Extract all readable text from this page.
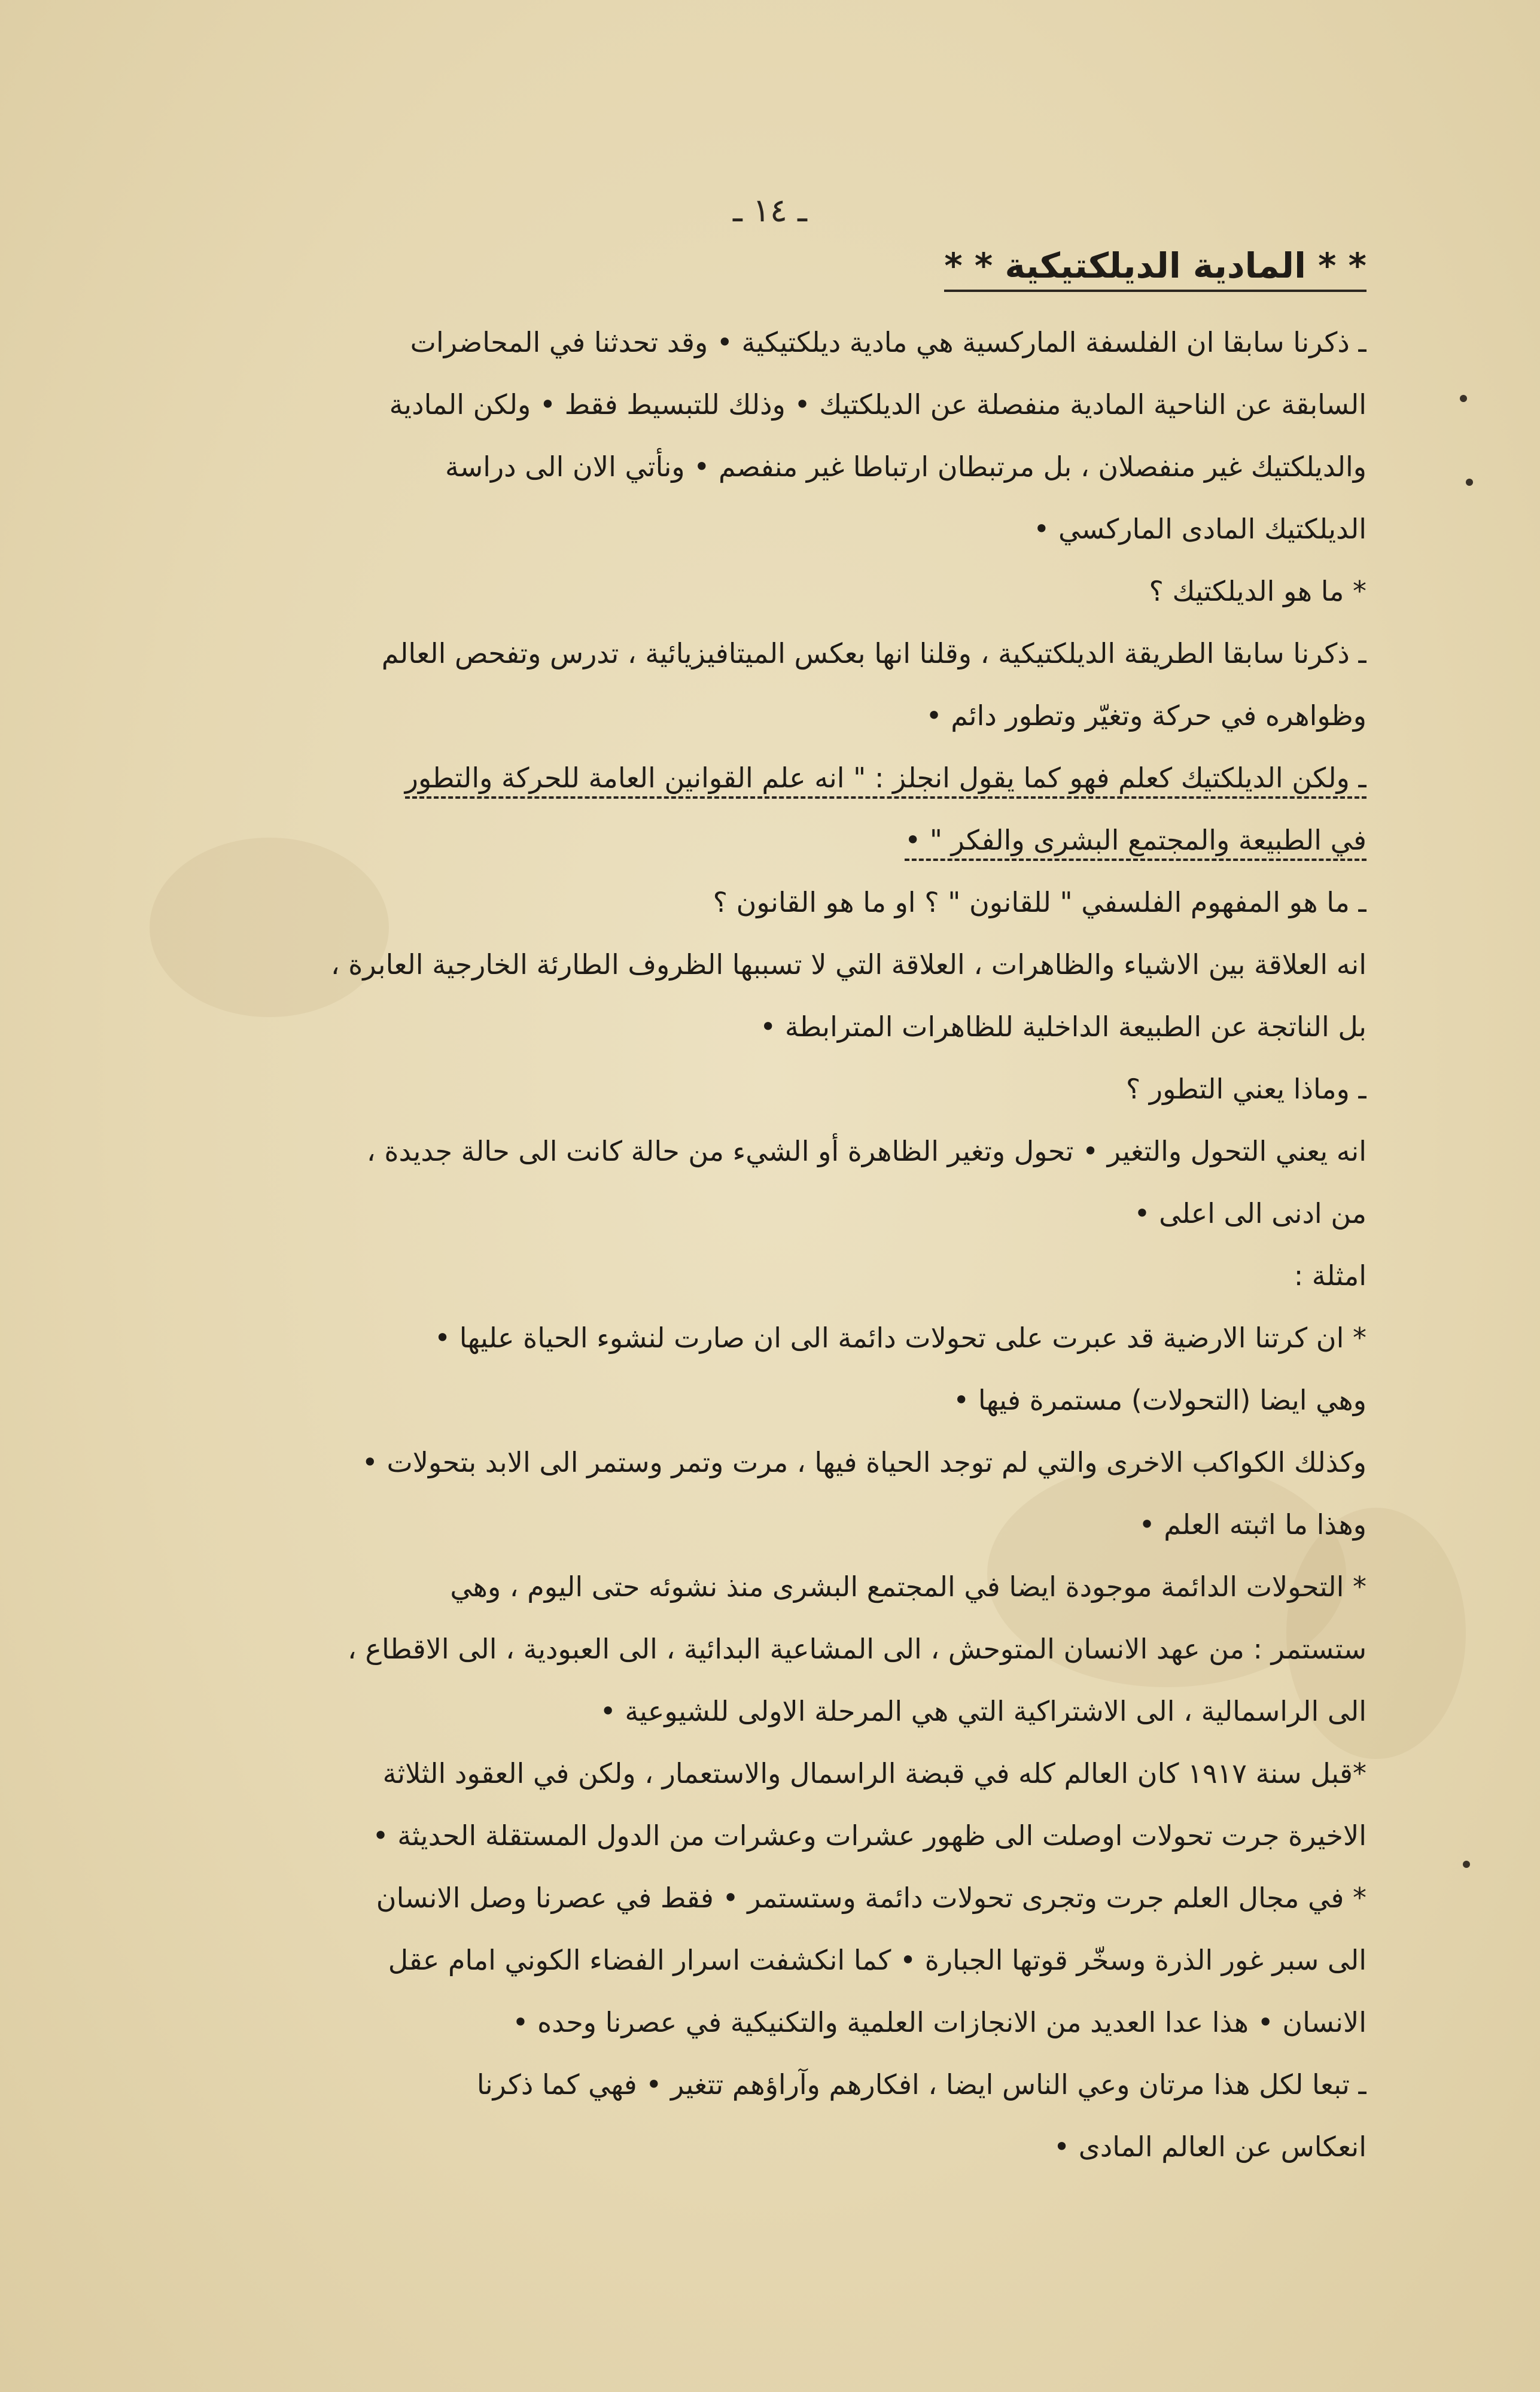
ـ ١٤ ـ
* * المادية الديلكتيكية * *
ـ ذكرنا سابقا ان الفلسفة الماركسية هي مادية ديلكتيكية • وقد تحدثنا في المحاضرات
السابقة عن الناحية المادية منفصلة عن الديلكتيك • وذلك للتبسيط فقط • ولكن المادية
والديلكتيك غير منفصلان ، بل مرتبطان ارتباطا غير منفصم • ونأتي الان الى دراسة
الديلكتيك المادى الماركسي •
* ما هو الديلكتيك ؟
ـ ذكرنا سابقا الطريقة الديلكتيكية ، وقلنا انها بعكس الميتافيزيائية ، تدرس وتفحص العالم
وظواهره في حركة وتغيّر وتطور دائم •
ـ ولكن الديلكتيك كعلم فهو كما يقول انجلز : " انه علم القوانين العامة للحركة والتطور
في الطبيعة والمجتمع البشرى والفكر " •
ـ ما هو المفهوم الفلسفي " للقانون " ؟ او ما هو القانون ؟
انه العلاقة بين الاشياء والظاهرات ، العلاقة التي لا تسببها الظروف الطارئة الخارجية العابرة ،
بل الناتجة عن الطبيعة الداخلية للظاهرات المترابطة •
ـ وماذا يعني التطور ؟
انه يعني التحول والتغير • تحول وتغير الظاهرة أو الشيء من حالة كانت الى حالة جديدة ،
من ادنى الى اعلى •
امثلة :
* ان كرتنا الارضية قد عبرت على تحولات دائمة الى ان صارت لنشوء الحياة عليها •
وهي ايضا (التحولات) مستمرة فيها •
وكذلك الكواكب الاخرى والتي لم توجد الحياة فيها ، مرت وتمر وستمر الى الابد بتحولات •
وهذا ما اثبته العلم •
* التحولات الدائمة موجودة ايضا في المجتمع البشرى منذ نشوئه حتى اليوم ، وهي
ستستمر : من عهد الانسان المتوحش ، الى المشاعية البدائية ، الى العبودية ، الى الاقطاع ،
الى الراسمالية ، الى الاشتراكية التي هي المرحلة الاولى للشيوعية •
*قبل سنة ١٩١٧ كان العالم كله في قبضة الراسمال والاستعمار ، ولكن في العقود الثلاثة
الاخيرة جرت تحولات اوصلت الى ظهور عشرات وعشرات من الدول المستقلة الحديثة •
* في مجال العلم جرت وتجرى تحولات دائمة وستستمر • فقط في عصرنا وصل الانسان
الى سبر غور الذرة وسخّر قوتها الجبارة • كما انكشفت اسرار الفضاء الكوني امام عقل
الانسان • هذا عدا العديد من الانجازات العلمية والتكنيكية في عصرنا وحده •
ـ تبعا لكل هذا مرتان وعي الناس ايضا ، افكارهم وآراؤهم تتغير • فهي كما ذكرنا
انعكاس عن العالم المادى •
